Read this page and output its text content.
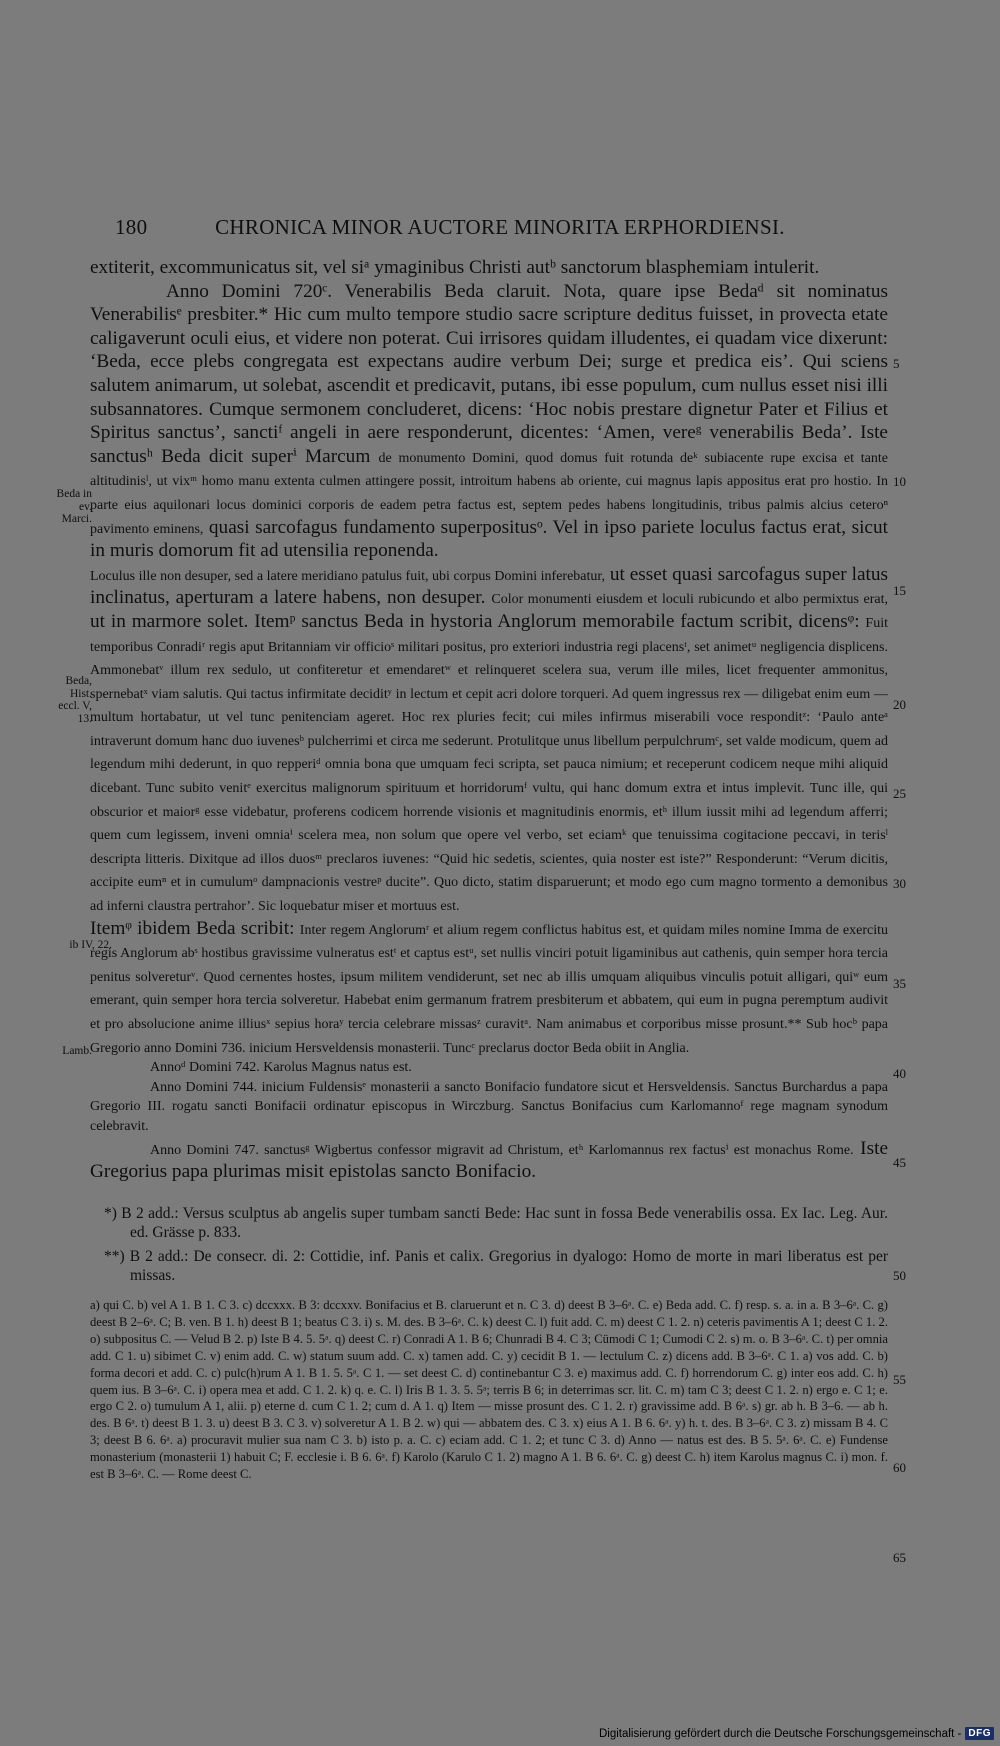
180	CHRONICA MINOR AUCTORE MINORITA ERPHORDIENSI.

extiterit, excommunicatus sit, vel siᵃ ymaginibus Christi autᵇ sanctorum blasphemiam intulerit.

Anno Domini 720ᶜ. Venerabilis Beda claruit. Nota, quare ipse Bedaᵈ sit nominatus Venerabilisᵉ presbiter.* Hic cum multo tempore studio sacre scripture deditus fuisset, in provecta etate caligaverunt oculi eius, et videre non poterat. Cui irrisores quidam illudentes, ei quadam vice dixerunt: ‘Beda, ecce plebs congregata est expectans audire verbum Dei; surge et predica eis’. Qui sciens salutem animarum, ut solebat, ascendit et predicavit, putans, ibi esse populum, cum nullus esset nisi illi subsannatores. Cumque sermonem concluderet, dicens: ‘Hoc nobis prestare dignetur Pater et Filius et Spiritus sanctus’, sanctiᶠ angeli in aere responderunt, dicentes: ‘Amen, vereᵍ venerabilis Beda’. Iste sanctusʰ Beda dicit superⁱ Marcum de monumento Domini, quod domus fuit rotunda deᵏ subiacente rupe excisa et tante altitudinisˡ, ut vixᵐ homo manu extenta culmen attingere possit, introitum habens ab oriente, cui magnus lapis appositus erat pro hostio. In parte eius aquilonari locus dominici corporis de eadem petra factus est, septem pedes habens longitudinis, tribus palmis alcius ceteroⁿ pavimento eminens, quasi sarcofagus fundamento superpositusᵒ. Vel in ipso pariete loculus factus erat, sicut in muris domorum fit ad utensilia reponenda.

Loculus ille non desuper, sed a latere meridiano patulus fuit, ubi corpus Domini inferebatur, ut esset quasi sarcofagus super latus inclinatus, aperturam a latere habens, non desuper. Color monumenti eiusdem et loculi rubicundo et albo permixtus erat, ut in marmore solet. Itemᵖ sanctus Beda in hystoria Anglorum memorabile factum scribit, dicensᵠ: Fuit temporibus Conradiʳ regis aput Britanniam vir officioˢ militari positus, pro exteriori industria regi placensᵗ, set animetᵘ negligencia displicens. Ammonebatᵛ illum rex sedulo, ut confiteretur et emendaretʷ et relinqueret scelera sua, verum ille miles, licet frequenter ammonitus, spernebatˣ viam salutis. Qui tactus infirmitate deciditʸ in lectum et cepit acri dolore torqueri. Ad quem ingressus rex — diligebat enim eum — multum hortabatur, ut vel tunc penitenciam ageret. Hoc rex pluries fecit; cui miles infirmus miserabili voce responditᶻ: ‘Paulo anteᵃ intraverunt domum hanc duo iuvenesᵇ pulcherrimi et circa me sederunt. Protulitque unus libellum perpulchrumᶜ, set valde modicum, quem ad legendum mihi dederunt, in quo repperiᵈ omnia bona que umquam feci scripta, set pauca nimium; et receperunt codicem neque mihi aliquid dicebant. Tunc subito venitᵉ exercitus malignorum spirituum et horridorumᶠ vultu, qui hanc domum extra et intus implevit. Tunc ille, qui obscurior et maiorᵍ esse videbatur, proferens codicem horrende visionis et magnitudinis enormis, etʰ illum iussit mihi ad legendum afferri; quem cum legissem, inveni omniaⁱ scelera mea, non solum que opere vel verbo, set eciamᵏ que tenuissima cogitacione peccavi, in terisˡ descripta litteris. Dixitque ad illos duosᵐ preclaros iuvenes: “Quid hic sedetis, scientes, quia noster est iste?” Responderunt: “Verum dicitis, accipite eumⁿ et in cumulumᵒ dampnacionis vestreᵖ ducite”. Quo dicto, statim disparuerunt; et modo ego cum magno tormento a demonibus ad inferni claustra pertrahor’. Sic loquebatur miser et mortuus est.

Itemᵠ ibidem Beda scribit: Inter regem Anglorumʳ et alium regem conflictus habitus est, et quidam miles nomine Imma de exercitu regis Anglorum abˢ hostibus gravissime vulneratus estᵗ et captus estᵘ, set nullis vinciri potuit ligaminibus aut cathenis, quin semper hora tercia penitus solvereturᵛ. Quod cernentes hostes, ipsum militem vendiderunt, set nec ab illis umquam aliquibus vinculis potuit alligari, quiʷ eum emerant, quin semper hora tercia solveretur. Habebat enim germanum fratrem presbiterum et abbatem, qui eum in pugna peremptum audivit et pro absolucione anime illiusˣ sepius horaʸ tercia celebrare missasᶻ curavitᵃ. Nam animabus et corporibus misse prosunt.** Sub hocᵇ papa Gregorio anno Domini 736. inicium Hersveldensis monasterii. Tuncᶜ preclarus doctor Beda obiit in Anglia.

Annoᵈ Domini 742. Karolus Magnus natus est.

Anno Domini 744. inicium Fuldensisᵉ monasterii a sancto Bonifacio fundatore sicut et Hersveldensis. Sanctus Burchardus a papa Gregorio III. rogatu sancti Bonifacii ordinatur episcopus in Wirczburg. Sanctus Bonifacius cum Karlomannoᶠ rege magnam synodum celebravit.

Anno Domini 747. sanctusᵍ Wigbertus confessor migravit ad Christum, etʰ Karlomannus rex factusⁱ est monachus Rome. Iste Gregorius papa plurimas misit epistolas sancto Bonifacio.

Beda in ev. Marci.
Beda, Hist. eccl. V, 13.
ib IV, 22.
Lamb.
5
10
15
20
25
30
35
40
45
50
55
60
65
*) B 2 add.: Versus sculptus ab angelis super tumbam sancti Bede: Hac sunt in fossa Bede venerabilis ossa. Ex Iac. Leg. Aur. ed. Grässe p. 833.
**) B 2 add.: De consecr. di. 2: Cottidie, inf. Panis et calix. Gregorius in dyalogo: Homo de morte in mari liberatus est per missas.
a) qui C. b) vel A 1. B 1. C 3. c) dccxxx. B 3: dccxxv. Bonifacius et B. claruerunt et n. C 3. d) deest B 3–6ᵃ. C. e) Beda add. C. f) resp. s. a. in a. B 3–6ᵃ. C. g) deest B 2–6ᵃ. C; B. ven. B 1. h) deest B 1; beatus C 3. i) s. M. des. B 3–6ᵃ. C. k) deest C. l) fuit add. C. m) deest C 1. 2. n) ceteris pavimentis A 1; deest C 1. 2. o) subpositus C. — Velud B 2. p) Iste B 4. 5. 5ᵃ. q) deest C. r) Conradi A 1. B 6; Chunradi B 4. C 3; Cümodi C 1; Cumodi C 2. s) m. o. B 3–6ᵃ. C. t) per omnia add. C 1. u) sibimet C. v) enim add. C. w) statum suum add. C. x) tamen add. C. y) cecidit B 1. — lectulum C. z) dicens add. B 3–6ᵃ. C 1. a) vos add. C. b) forma decori et add. C. c) pulc(h)rum A 1. B 1. 5. 5ᵃ. C 1. — set deest C. d) continebantur C 3. e) maximus add. C. f) horrendorum C. g) inter eos add. C. h) quem ius. B 3–6ᵃ. C. i) opera mea et add. C 1. 2. k) q. e. C. l) Iris B 1. 3. 5. 5ᵃ; terris B 6; in deterrimas scr. lit. C. m) tam C 3; deest C 1. 2. n) ergo e. C 1; e. ergo C 2. o) tumulum A 1, alii. p) eterne d. cum C 1. 2; cum d. A 1. q) Item — misse prosunt des. C 1. 2. r) gravissime add. B 6ᵃ. s) gr. ab h. B 3–6. — ab h. des. B 6ᵃ. t) deest B 1. 3. u) deest B 3. C 3. v) solveretur A 1. B 2. w) qui — abbatem des. C 3. x) eius A 1. B 6. 6ᵃ. y) h. t. des. B 3–6ᵃ. C 3. z) missam B 4. C 3; deest B 6. 6ᵃ. a) procuravit mulier sua nam C 3. b) isto p. a. C. c) eciam add. C 1. 2; et tunc C 3. d) Anno — natus est des. B 5. 5ᵃ. 6ᵃ. C. e) Fundense monasterium (monasterii 1) habuit C; F. ecclesie i. B 6. 6ᵃ. f) Karolo (Karulo C 1. 2) magno A 1. B 6. 6ᵃ. C. g) deest C. h) item Karolus magnus C. i) mon. f. est B 3–6ᵃ. C. — Rome deest C.
Digitalisierung gefördert durch die Deutsche Forschungsgemeinschaft - DFG
